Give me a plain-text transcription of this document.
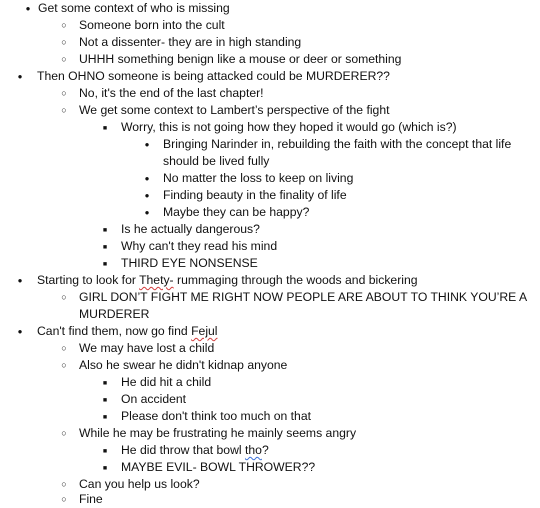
●
Get some context of who is missing
○
Someone born into the cult
○
Not a dissenter- they are in high standing
○
UHHH something benign like a mouse or deer or something
●
Then OHNO someone is being attacked could be MURDERER??
○
No, it's the end of the last chapter!
○
We get some context to Lambert’s perspective of the fight
■
Worry, this is not going how they hoped it would go (which is?)
●
Bringing Narinder in, rebuilding the faith with the concept that life
should be lived fully
●
No matter the loss to keep on living
●
Finding beauty in the finality of life
●
Maybe they can be happy?
■
Is he actually dangerous?
■
Why can't they read his mind
■
THIRD EYE NONSENSE
●
Starting to look for Thety- rummaging through the woods and bickering
○
GIRL DON’T FIGHT ME RIGHT NOW PEOPLE ARE ABOUT TO THINK YOU’RE A
MURDERER
●
Can't find them, now go find Fejul
○
We may have lost a child
○
Also he swear he didn't kidnap anyone
■
He did hit a child
■
On accident
■
Please don't think too much on that
○
While he may be frustrating he mainly seems angry
■
He did throw that bowl tho?
■
MAYBE EVIL- BOWL THROWER??
○
Can you help us look?
○
Fine
